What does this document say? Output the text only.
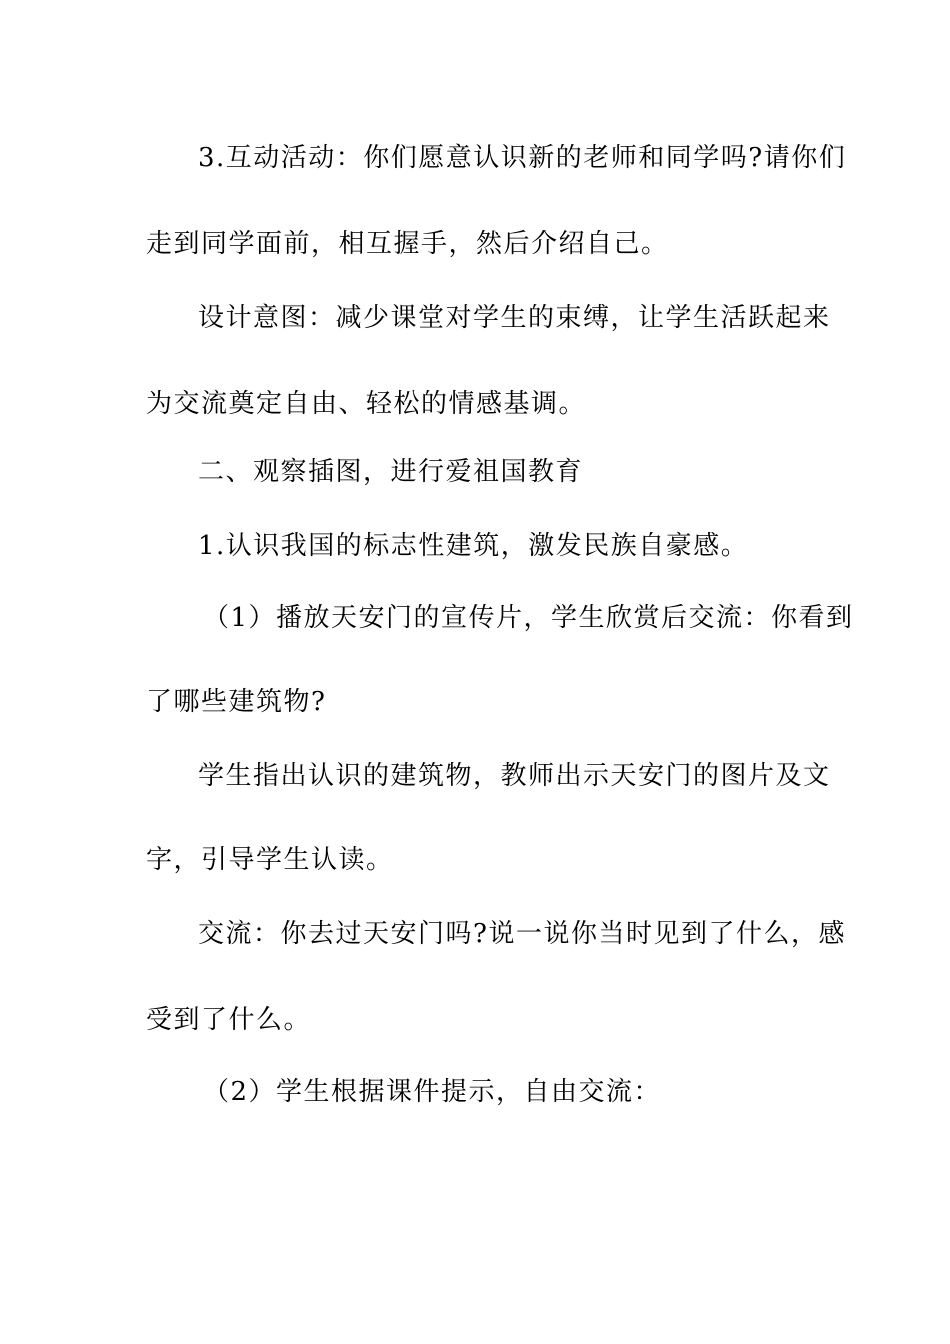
3.互动活动：你们愿意认识新的老师和同学吗?请你们
走到同学面前，相互握手，然后介绍自己。
设计意图：减少课堂对学生的束缚，让学生活跃起来
为交流奠定自由、轻松的情感基调。
二、观察插图，进行爱祖国教育
1.认识我国的标志性建筑，激发民族自豪感。
（1）播放天安门的宣传片，学生欣赏后交流：你看到
了哪些建筑物?
学生指出认识的建筑物，教师出示天安门的图片及文
字，引导学生认读。
交流：你去过天安门吗?说一说你当时见到了什么，感
受到了什么。
（2）学生根据课件提示，自由交流：
